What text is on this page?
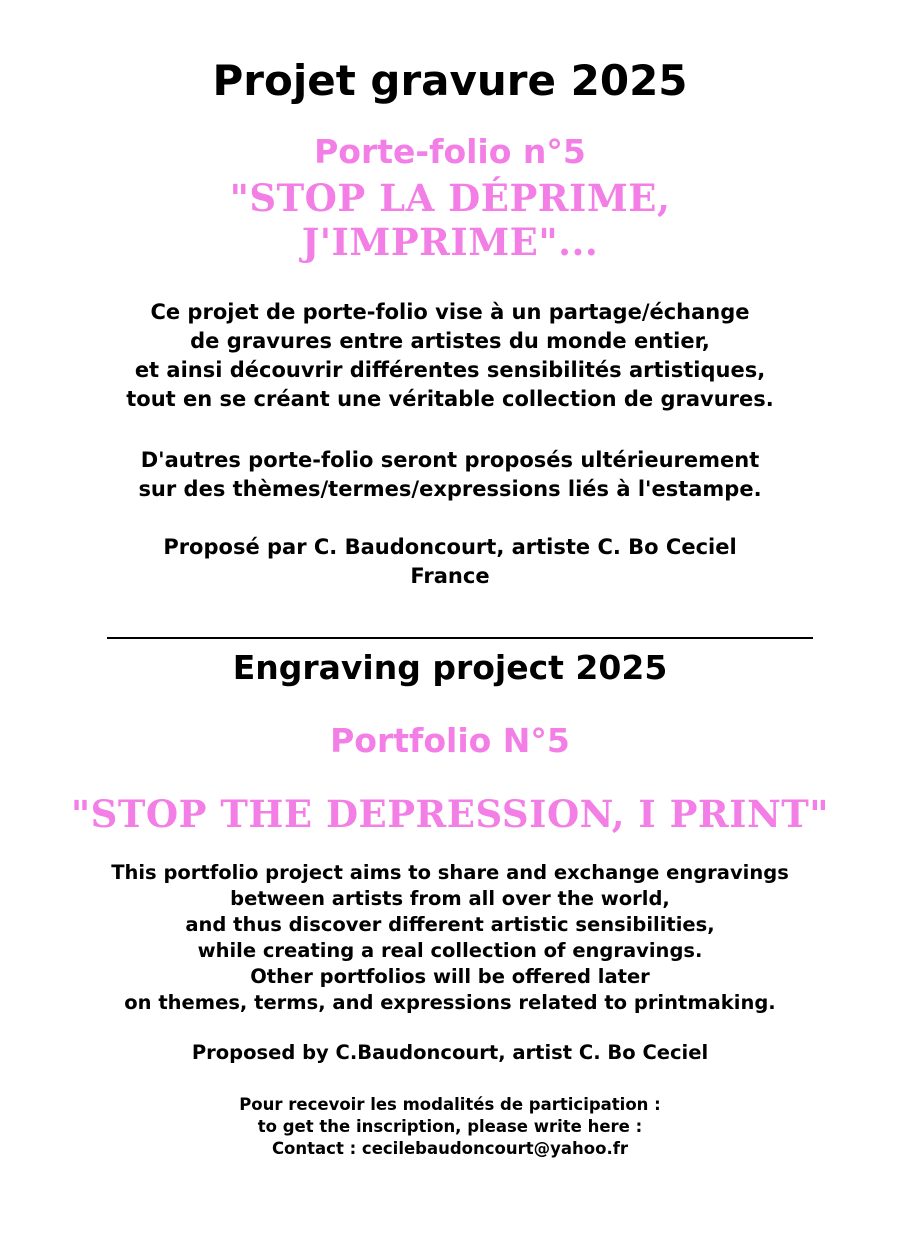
Projet gravure 2025

Porte-folio n°5

"STOP LA DÉPRIME,
J'IMPRIME"...

Ce projet de porte-folio vise à un partage/échange
de gravures entre artistes du monde entier,
et ainsi découvrir différentes sensibilités artistiques,
tout en se créant une véritable collection de gravures.

D'autres porte-folio seront proposés ultérieurement
sur des thèmes/termes/expressions liés à l'estampe.

Proposé par C. Baudoncourt, artiste C. Bo Ceciel
France

Engraving project 2025

Portfolio N°5

"STOP THE DEPRESSION, I PRINT"

This portfolio project aims to share and exchange engravings
between artists from all over the world,
and thus discover different artistic sensibilities,
while creating a real collection of engravings.
Other portfolios will be offered later
on themes, terms, and expressions related to printmaking.

Proposed by C.Baudoncourt, artist C. Bo Ceciel

Pour recevoir les modalités de participation :
to get the inscription, please write here :
Contact : cecilebaudoncourt@yahoo.fr
